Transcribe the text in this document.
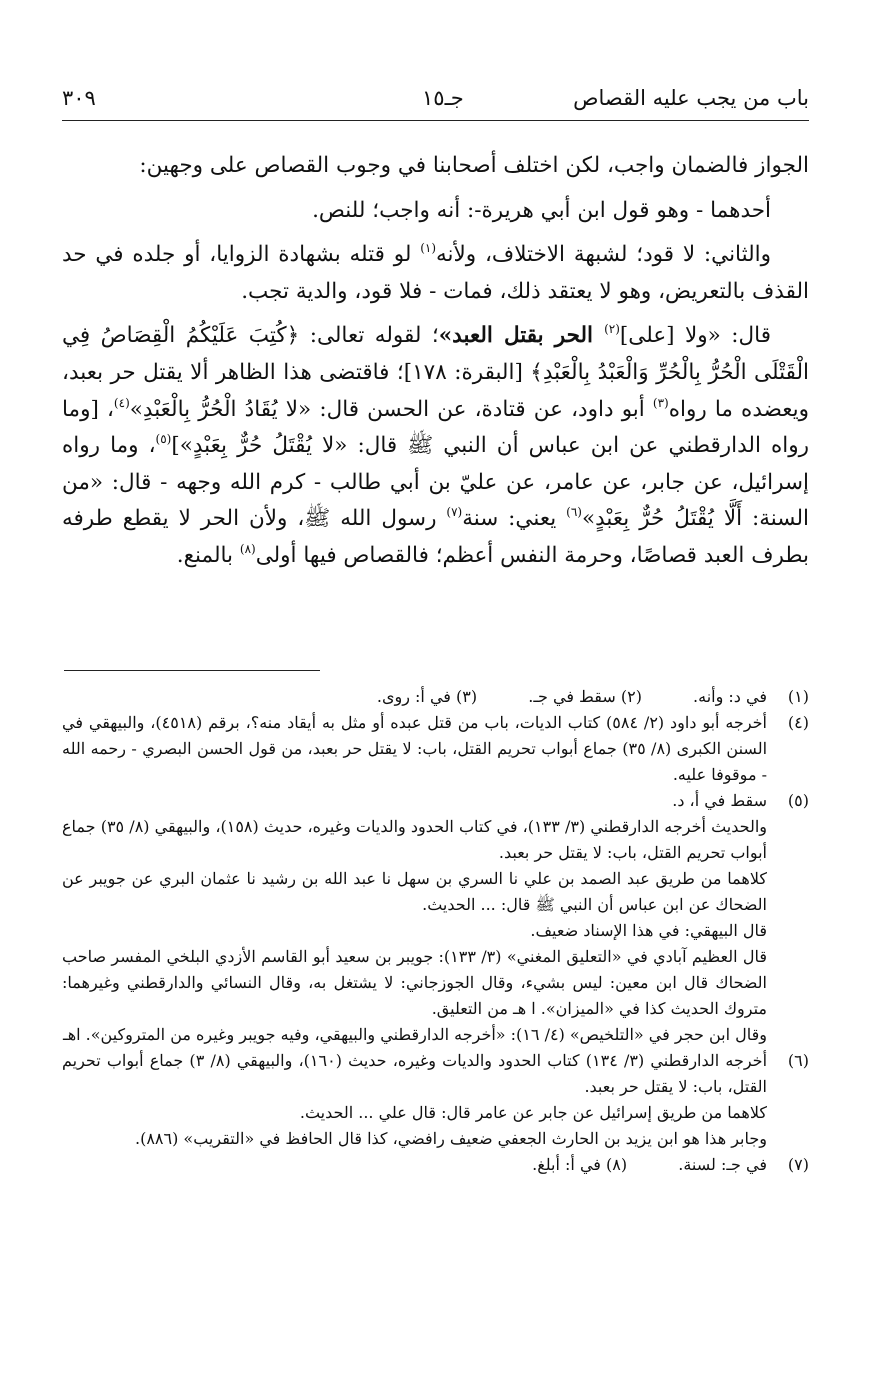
باب من يجب عليه القصاص
جـ١٥
٣٠٩

الجواز فالضمان واجب، لكن اختلف أصحابنا في وجوب القصاص على وجهين:

أحدهما - وهو قول ابن أبي هريرة-: أنه واجب؛ للنص.

والثاني: لا قود؛ لشبهة الاختلاف، ولأنه$^{(١)}$ لو قتله بشهادة الزوايا، أو جلده في حد القذف بالتعريض، وهو لا يعتقد ذلك، فمات - فلا قود، والدية تجب.

قال: «ولا [على]$^{(٢)}$ الحر بقتل العبد»؛ لقوله تعالى: ﴿كُتِبَ عَلَيْكُمُ الْقِصَاصُ فِي الْقَتْلَى الْحُرُّ بِالْحُرِّ وَالْعَبْدُ بِالْعَبْدِ﴾ [البقرة: ١٧٨]؛ فاقتضى هذا الظاهر ألا يقتل حر بعبد، ويعضده ما رواه$^{(٣)}$ أبو داود، عن قتادة، عن الحسن قال: «لا يُقَادُ الْحُرُّ بِالْعَبْدِ»$^{(٤)}$، [وما رواه الدارقطني عن ابن عباس أن النبي ﷺ قال: «لا يُقْتَلُ حُرٌّ بِعَبْدٍ»]$^{(٥)}$، وما رواه إسرائيل، عن جابر، عن عامر، عن عليّ بن أبي طالب - كرم الله وجهه - قال: «من السنة: أَلَّا يُقْتَلُ حُرٌّ بِعَبْدٍ»$^{(٦)}$ يعني: سنة$^{(٧)}$ رسول الله ﷺ، ولأن الحر لا يقطع طرفه بطرف العبد قصاصًا، وحرمة النفس أعظم؛ فالقصاص فيها أولى$^{(٨)}$ بالمنع.

(١)
في د: وأنه. (٢) سقط في جـ. (٣) في أ: روى.
(٤)
أخرجه أبو داود (٢/ ٥٨٤) كتاب الديات، باب من قتل عبده أو مثل به أيقاد منه؟، برقم (٤٥١٨)، والبيهقي في السنن الكبرى (٨/ ٣٥) جماع أبواب تحريم القتل، باب: لا يقتل حر بعبد، من قول الحسن البصري - رحمه الله - موقوفا عليه.
(٥)
سقط في أ، د.
والحديث أخرجه الدارقطني (٣/ ١٣٣)، في كتاب الحدود والديات وغيره، حديث (١٥٨)، والبيهقي (٨/ ٣٥) جماع أبواب تحريم القتل، باب: لا يقتل حر بعبد.
كلاهما من طريق عبد الصمد بن علي نا السري بن سهل نا عبد الله بن رشيد نا عثمان البري عن جويبر عن الضحاك عن ابن عباس أن النبي ﷺ قال: ... الحديث.
قال البيهقي: في هذا الإسناد ضعيف.
قال العظيم آبادي في «التعليق المغني» (٣/ ١٣٣): جويبر بن سعيد أبو القاسم الأزدي البلخي المفسر صاحب الضحاك قال ابن معين: ليس بشيء، وقال الجوزجاني: لا يشتغل به، وقال النسائي والدارقطني وغيرهما: متروك الحديث كذا في «الميزان». ا هـ من التعليق.
وقال ابن حجر في «التلخيص» (٤/ ١٦): «أخرجه الدارقطني والبيهقي، وفيه جويبر وغيره من المتروكين». اهـ
(٦)
أخرجه الدارقطني (٣/ ١٣٤) كتاب الحدود والديات وغيره، حديث (١٦٠)، والبيهقي (٨/ ٣) جماع أبواب تحريم القتل، باب: لا يقتل حر بعبد.
كلاهما من طريق إسرائيل عن جابر عن عامر قال: قال علي ... الحديث.
وجابر هذا هو ابن يزيد بن الحارث الجعفي ضعيف رافضي، كذا قال الحافظ في «التقريب» (٨٨٦).
(٧)
في جـ: لسنة. (٨) في أ: أبلغ.
